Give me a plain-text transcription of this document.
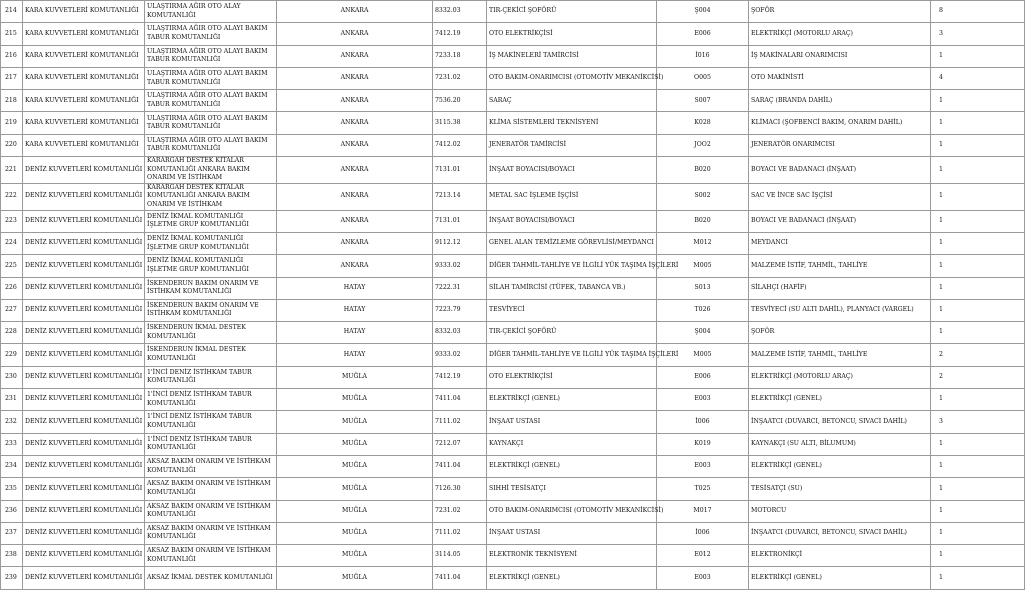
214	KARA KUVVETLERİ KOMUTANLIĞI	ULAŞTIRMA AĞIR OTO ALAY KOMUTANLIĞI	ANKARA	8332.03	TIR-ÇEKİCİ ŞOFÖRÜ	Ş004	ŞOFÖR	8
215	KARA KUVVETLERİ KOMUTANLIĞI	ULAŞTIRMA AĞIR OTO ALAYI BAKIM TABUR KOMUTANLIĞI	ANKARA	7412.19	OTO ELEKTRİKÇİSİ	E006	ELEKTRİKÇİ (MOTORLU ARAÇ)	3
216	KARA KUVVETLERİ KOMUTANLIĞI	ULAŞTIRMA AĞIR OTO ALAYI BAKIM TABUR KOMUTANLIĞI	ANKARA	7233.18	İŞ MAKİNELERİ TAMİRCİSİ	İ016	İŞ MAKİNALARI ONARIMCISI	1
217	KARA KUVVETLERİ KOMUTANLIĞI	ULAŞTIRMA AĞIR OTO ALAYI BAKIM TABUR KOMUTANLIĞI	ANKARA	7231.02	OTO BAKIM-ONARIMCISI (OTOMOTİV MEKANİKCİSİ)	O005	OTO MAKİNİSTİ	4
218	KARA KUVVETLERİ KOMUTANLIĞI	ULAŞTIRMA AĞIR OTO ALAYI BAKIM TABUR KOMUTANLIĞI	ANKARA	7536.20	SARAÇ	S007	SARAÇ (BRANDA DAHİL)	1
219	KARA KUVVETLERİ KOMUTANLIĞI	ULAŞTIRMA AĞIR OTO ALAYI BAKIM TABUR KOMUTANLIĞI	ANKARA	3115.38	KLİMA SİSTEMLERİ TEKNİSYENİ	K028	KLİMACI (ŞOFBENCİ BAKIM, ONARIM DAHİL)	1
220	KARA KUVVETLERİ KOMUTANLIĞI	ULAŞTIRMA AĞIR OTO ALAYI BAKIM TABUR KOMUTANLIĞI	ANKARA	7412.02	JENERATÖR TAMİRCİSİ	JOO2	JENERATÖR ONARIMCISI	1
221	DENİZ KUVVETLERİ KOMUTANLIĞI	KARARGAH DESTEK KITALAR KOMUTANLIĞI ANKARA BAKIM ONARIM VE İSTİHKAM	ANKARA	7131.01	İNŞAAT BOYACISI/BOYACI	B020	BOYACI VE BADANACI (İNŞAAT)	1
222	DENİZ KUVVETLERİ KOMUTANLIĞI	KARARGAH DESTEK KITALAR KOMUTANLIĞI ANKARA BAKIM ONARIM VE İSTİHKAM	ANKARA	7213.14	METAL SAC İŞLEME İŞÇİSİ	S002	SAC VE İNCE SAC İŞÇİSİ	1
223	DENİZ KUVVETLERİ KOMUTANLIĞI	DENİZ İKMAL KOMUTANLIĞI İŞLETME GRUP KOMUTANLIĞI	ANKARA	7131.01	İNŞAAT BOYACISI/BOYACI	B020	BOYACI VE BADANACI (İNŞAAT)	1
224	DENİZ KUVVETLERİ KOMUTANLIĞI	DENİZ İKMAL KOMUTANLIĞI İŞLETME GRUP KOMUTANLIĞI	ANKARA	9112.12	GENEL ALAN TEMİZLEME GÖREVLİSİ/MEYDANCI	M012	MEYDANCI	1
225	DENİZ KUVVETLERİ KOMUTANLIĞI	DENİZ İKMAL KOMUTANLIĞI İŞLETME GRUP KOMUTANLIĞI	ANKARA	9333.02	DİĞER TAHMİL-TAHLİYE VE İLGİLİ YÜK TAŞIMA İŞÇİLERİ	M005	MALZEME İSTİF, TAHMİL, TAHLİYE	1
226	DENİZ KUVVETLERİ KOMUTANLIĞI	İSKENDERUN BAKIM ONARIM VE İSTİHKAM KOMUTANLIĞI	HATAY	7222.31	SİLAH TAMİRCİSİ (TÜFEK, TABANCA VB.)	S013	SİLAHÇI (HAFİF)	1
227	DENİZ KUVVETLERİ KOMUTANLIĞI	İSKENDERUN BAKIM ONARIM VE İSTİHKAM KOMUTANLIĞI	HATAY	7223.79	TESVİYECİ	T026	TESVİYECİ (SU ALTI DAHİL), PLANYACI (VARGEL)	1
228	DENİZ KUVVETLERİ KOMUTANLIĞI	İSKENDERUN İKMAL DESTEK KOMUTANLIĞI	HATAY	8332.03	TIR-ÇEKİCİ ŞOFÖRÜ	Ş004	ŞOFÖR	1
229	DENİZ KUVVETLERİ KOMUTANLIĞI	İSKENDERUN İKMAL DESTEK KOMUTANLIĞI	HATAY	9333.02	DİĞER TAHMİL-TAHLİYE VE İLGİLİ YÜK TAŞIMA İŞÇİLERİ	M005	MALZEME İSTİF, TAHMİL, TAHLİYE	2
230	DENİZ KUVVETLERİ KOMUTANLIĞI	1'İNCİ DENİZ İSTİHKAM TABUR KOMUTANLIĞI	MUĞLA	7412.19	OTO ELEKTRİKÇİSİ	E006	ELEKTRİKÇİ (MOTORLU ARAÇ)	2
231	DENİZ KUVVETLERİ KOMUTANLIĞI	1'İNCİ DENİZ İSTİHKAM TABUR KOMUTANLIĞI	MUĞLA	7411.04	ELEKTRİKÇİ (GENEL)	E003	ELEKTRİKÇİ (GENEL)	1
232	DENİZ KUVVETLERİ KOMUTANLIĞI	1'İNCİ DENİZ İSTİHKAM TABUR KOMUTANLIĞI	MUĞLA	7111.02	İNŞAAT USTASI	İ006	İNŞAATCI (DUVARCI, BETONCU, SIVACI DAHİL)	3
233	DENİZ KUVVETLERİ KOMUTANLIĞI	1'İNCİ DENİZ İSTİHKAM TABUR KOMUTANLIĞI	MUĞLA	7212.07	KAYNAKÇI	K019	KAYNAKÇI (SU ALTI, BİLUMUM)	1
234	DENİZ KUVVETLERİ KOMUTANLIĞI	AKSAZ BAKIM ONARIM VE İSTİHKAM KOMUTANLIĞI	MUĞLA	7411.04	ELEKTRİKÇİ (GENEL)	E003	ELEKTRİKÇİ (GENEL)	1
235	DENİZ KUVVETLERİ KOMUTANLIĞI	AKSAZ BAKIM ONARIM VE İSTİHKAM KOMUTANLIĞI	MUĞLA	7126.30	SIHHİ TESİSATÇI	T025	TESİSATÇI (SU)	1
236	DENİZ KUVVETLERİ KOMUTANLIĞI	AKSAZ BAKIM ONARIM VE İSTİHKAM KOMUTANLIĞI	MUĞLA	7231.02	OTO BAKIM-ONARIMCISI (OTOMOTİV MEKANİKCİSİ)	M017	MOTORCU	1
237	DENİZ KUVVETLERİ KOMUTANLIĞI	AKSAZ BAKIM ONARIM VE İSTİHKAM KOMUTANLIĞI	MUĞLA	7111.02	İNŞAAT USTASI	İ006	İNŞAATCI (DUVARCI, BETONCU, SIVACI DAHİL)	1
238	DENİZ KUVVETLERİ KOMUTANLIĞI	AKSAZ BAKIM ONARIM VE İSTİHKAM KOMUTANLIĞI	MUĞLA	3114.05	ELEKTRONİK TEKNİSYENİ	E012	ELEKTRONİKÇİ	1
239	DENİZ KUVVETLERİ KOMUTANLIĞI	AKSAZ İKMAL DESTEK KOMUTANLIĞI	MUĞLA	7411.04	ELEKTRİKÇİ (GENEL)	E003	ELEKTRİKÇİ (GENEL)	1
